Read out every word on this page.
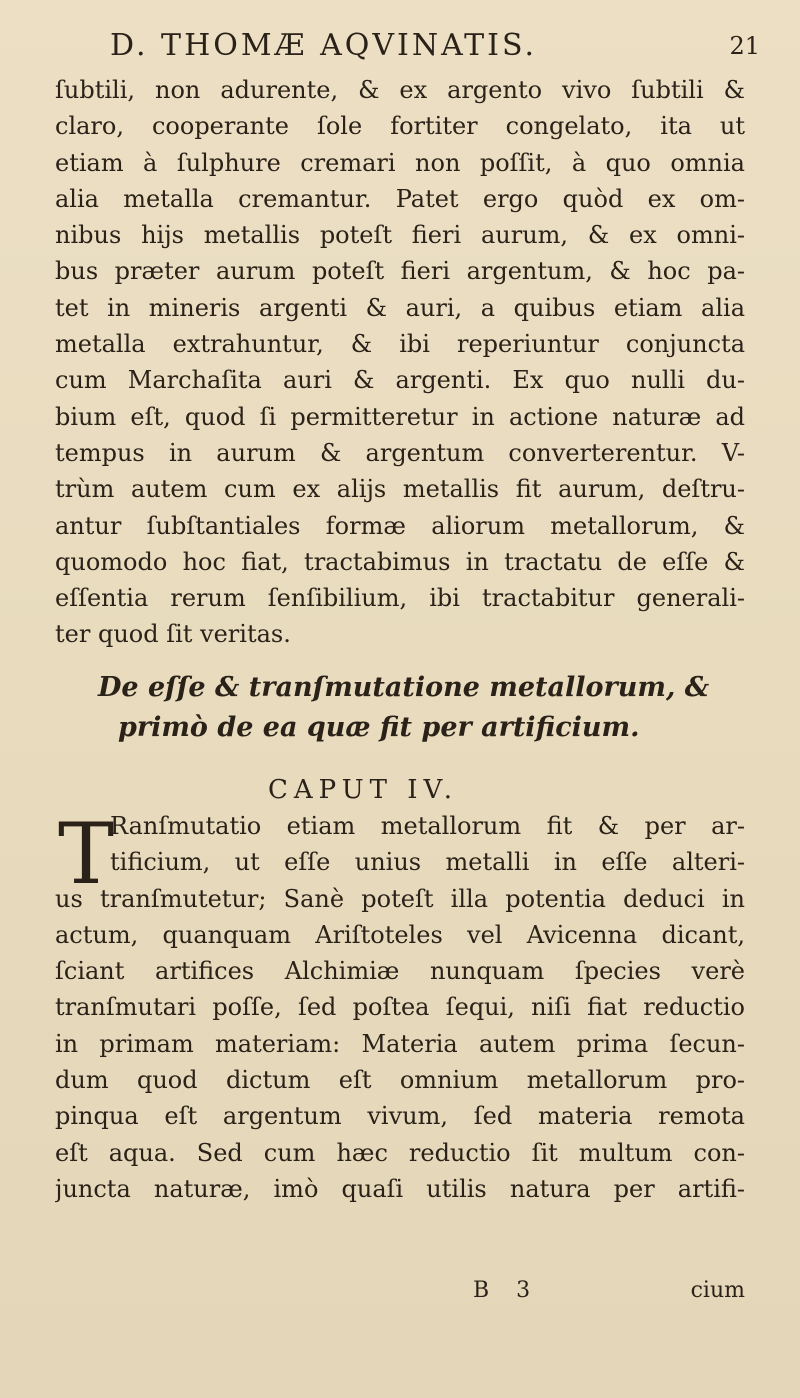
D. THOMÆ AQVINATIS.	21
ſubtili, non adurente, & ex argento vivo ſubtili &
claro, cooperante ſole fortiter congelato, ita ut
etiam à ſulphure cremari non poſſit, à quo omnia
alia metalla cremantur. Patet ergo quòd ex om-
nibus hijs metallis poteſt fieri aurum, & ex omni-
bus præter aurum poteſt fieri argentum, & hoc pa-
tet in mineris argenti & auri, a quibus etiam alia
metalla extrahuntur, & ibi reperiuntur conjuncta
cum Marchaſita auri & argenti. Ex quo nulli du-
bium eſt, quod ſi permitteretur in actione naturæ ad
tempus in aurum & argentum converterentur. V-
trùm autem cum ex alijs metallis fit aurum, deſtru-
antur ſubſtantiales formæ aliorum metallorum, &
quomodo hoc fiat, tractabimus in tractatu de eſſe &
eſſentia rerum ſenſibilium, ibi tractabitur generali-
ter quod ſit veritas.
De eſſe & tranſmutatione metallorum, &
primò de ea quæ fit per artificium.
CAPUT IV.
T
Ranſmutatio etiam metallorum fit & per ar-
tificium, ut eſſe unius metalli in eſſe alteri-
us tranſmutetur; Sanè poteſt illa potentia deduci in
actum, quanquam Ariſtoteles vel Avicenna dicant,
ſciant artifices Alchimiæ nunquam ſpecies verè
tranſmutari poſſe, ſed poſtea ſequi, niſi fiat reductio
in primam materiam: Materia autem prima ſecun-
dum quod dictum eſt omnium metallorum pro-
pinqua eſt argentum vivum, ſed materia remota
eſt aqua. Sed cum hæc reductio ſit multum con-
juncta naturæ, imò quaſi utilis natura per artifi-
B 3	cium
